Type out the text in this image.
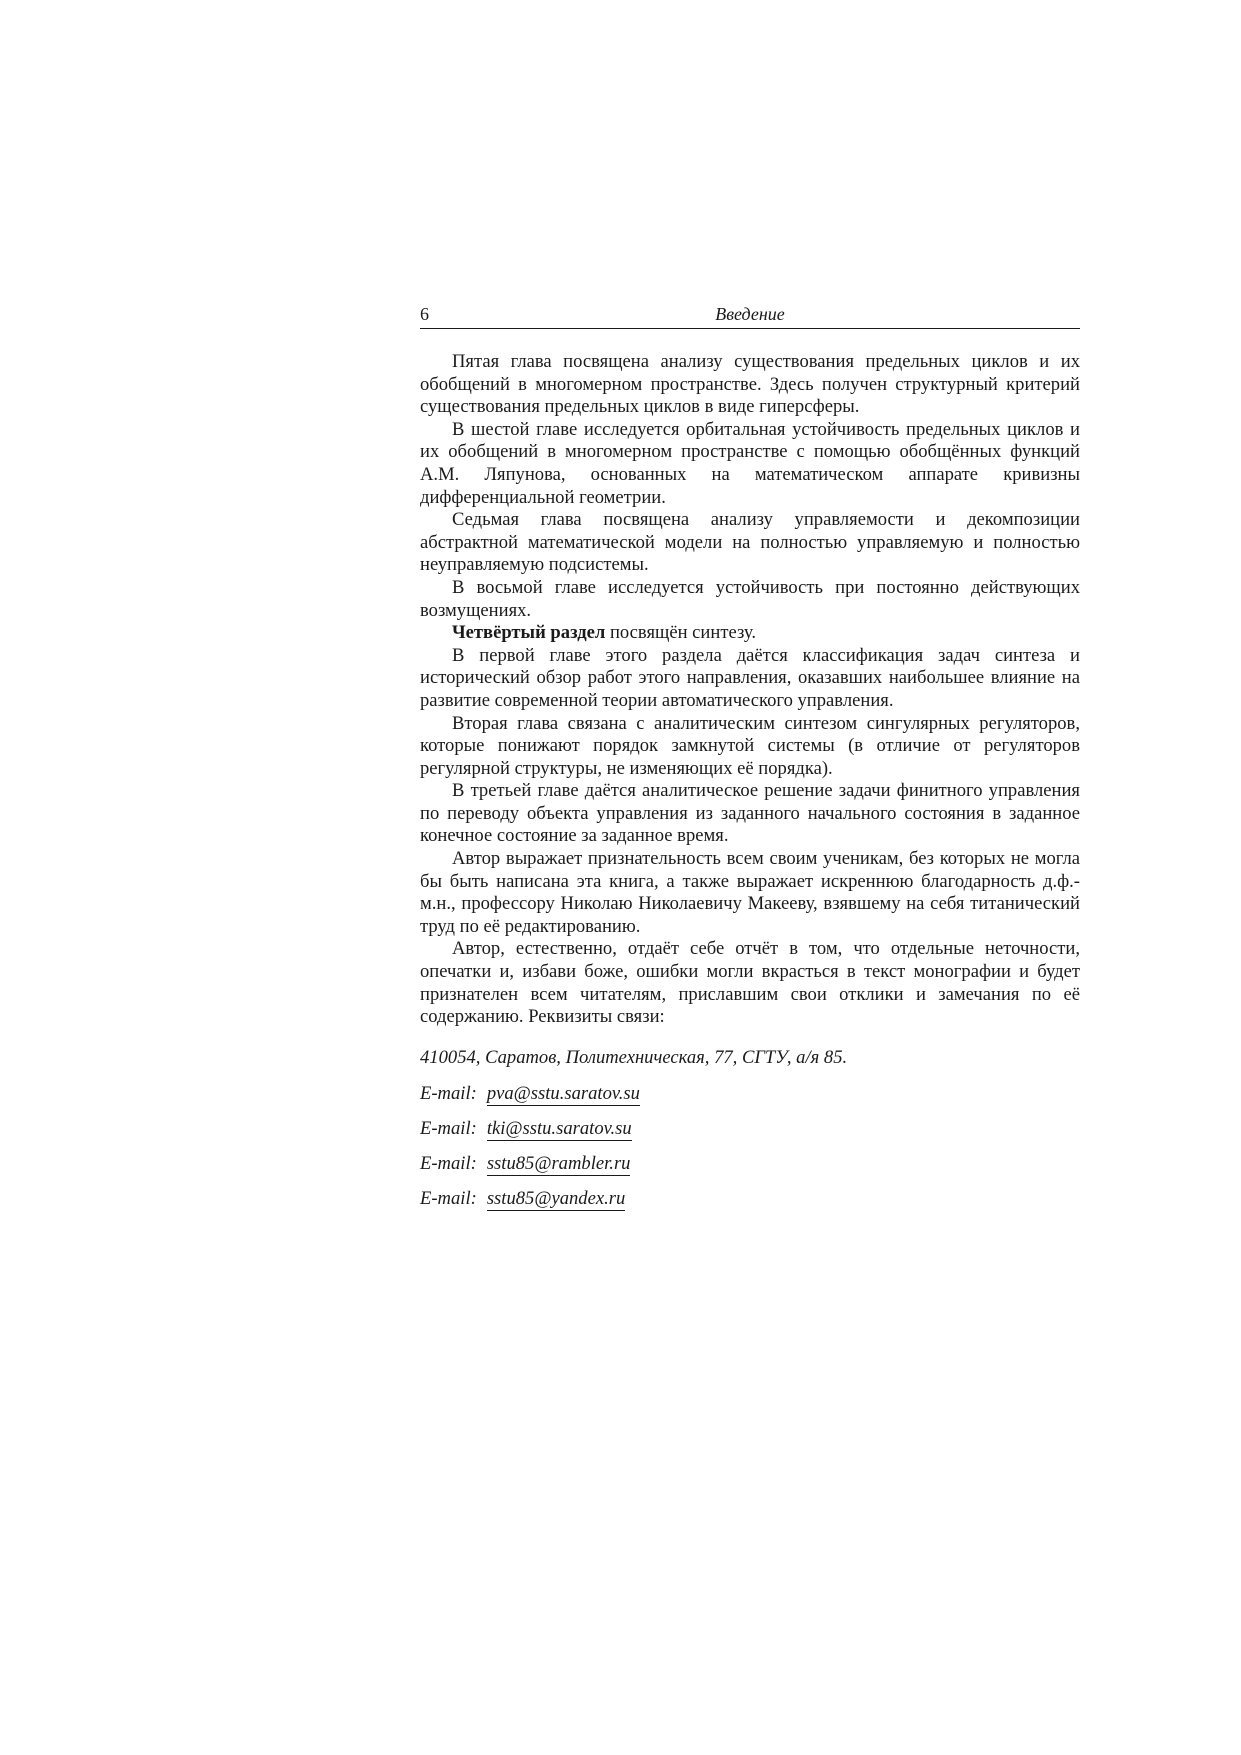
6	Введение

Пятая глава посвящена анализу существования предельных циклов и их обобщений в многомерном пространстве. Здесь получен структурный критерий существования предельных циклов в виде гиперсферы.

В шестой главе исследуется орбитальная устойчивость предельных циклов и их обобщений в многомерном пространстве с помощью обобщённых функций А.М. Ляпунова, основанных на математическом аппарате кривизны дифференциальной геометрии.

Седьмая глава посвящена анализу управляемости и декомпозиции абстрактной математической модели на полностью управляемую и полностью неуправляемую подсистемы.

В восьмой главе исследуется устойчивость при постоянно действующих возмущениях.

Четвёртый раздел посвящён синтезу.

В первой главе этого раздела даётся классификация задач синтеза и исторический обзор работ этого направления, оказавших наибольшее влияние на развитие современной теории автоматического управления.

Вторая глава связана с аналитическим синтезом сингулярных регуляторов, которые понижают порядок замкнутой системы (в отличие от регуляторов регулярной структуры, не изменяющих её порядка).

В третьей главе даётся аналитическое решение задачи финитного управления по переводу объекта управления из заданного начального состояния в заданное конечное состояние за заданное время.

Автор выражает признательность всем своим ученикам, без которых не могла бы быть написана эта книга, а также выражает искреннюю благодарность д.ф.-м.н., профессору Николаю Николаевичу Макееву, взявшему на себя титанический труд по её редактированию.

Автор, естественно, отдаёт себе отчёт в том, что отдельные неточности, опечатки и, избави боже, ошибки могли вкрасться в текст монографии и будет признателен всем читателям, приславшим свои отклики и замечания по её содержанию. Реквизиты связи:

410054, Саратов, Политехническая, 77, СГТУ, а/я 85.

E-mail: pva@sstu.saratov.su

E-mail: tki@sstu.saratov.su

E-mail: sstu85@rambler.ru

E-mail: sstu85@yandex.ru
